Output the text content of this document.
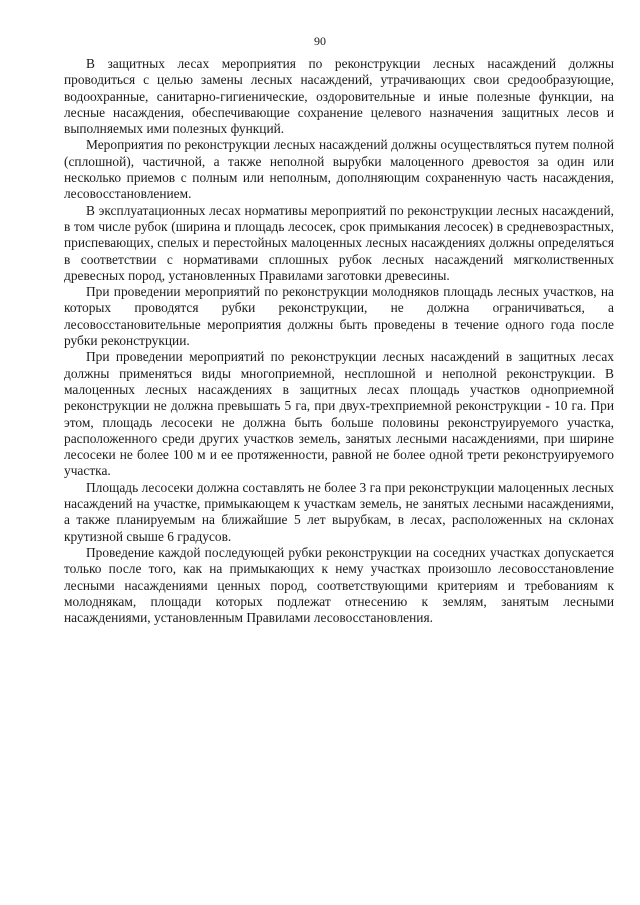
90

В защитных лесах мероприятия по реконструкции лесных насаждений должны проводиться с целью замены лесных насаждений, утрачивающих свои средообразующие, водоохранные, санитарно-гигиенические, оздоровительные и иные полезные функции, на лесные насаждения, обеспечивающие сохранение целевого назначения защитных лесов и выполняемых ими полезных функций.

Мероприятия по реконструкции лесных насаждений должны осуществляться путем полной (сплошной), частичной, а также неполной вырубки малоценного древостоя за один или несколько приемов с полным или неполным, дополняющим сохраненную часть насаждения, лесовосстановлением.

В эксплуатационных лесах нормативы мероприятий по реконструкции лесных насаждений, в том числе рубок (ширина и площадь лесосек, срок примыкания лесосек) в средневозрастных, приспевающих, спелых и перестойных малоценных лесных насаждениях должны определяться в соответствии с нормативами сплошных рубок лесных насаждений мягколиственных древесных пород, установленных Правилами заготовки древесины.

При проведении мероприятий по реконструкции молодняков площадь лесных участков, на которых проводятся рубки реконструкции, не должна ограничиваться, а лесовосстановительные мероприятия должны быть проведены в течение одного года после рубки реконструкции.

При проведении мероприятий по реконструкции лесных насаждений в защитных лесах должны применяться виды многоприемной, несплошной и неполной реконструкции. В малоценных лесных насаждениях в защитных лесах площадь участков одноприемной реконструкции не должна превышать 5 га, при двух-трехприемной реконструкции - 10 га. При этом, площадь лесосеки не должна быть больше половины реконструируемого участка, расположенного среди других участков земель, занятых лесными насаждениями, при ширине лесосеки не более 100 м и ее протяженности, равной не более одной трети реконструируемого участка.

Площадь лесосеки должна составлять не более 3 га при реконструкции малоценных лесных насаждений на участке, примыкающем к участкам земель, не занятых лесными насаждениями, а также планируемым на ближайшие 5 лет вырубкам, в лесах, расположенных на склонах крутизной свыше 6 градусов.

Проведение каждой последующей рубки реконструкции на соседних участках допускается только после того, как на примыкающих к нему участках произошло лесовосстановление лесными насаждениями ценных пород, соответствующими критериям и требованиям к молоднякам, площади которых подлежат отнесению к землям, занятым лесными насаждениями, установленным Правилами лесовосстановления.
